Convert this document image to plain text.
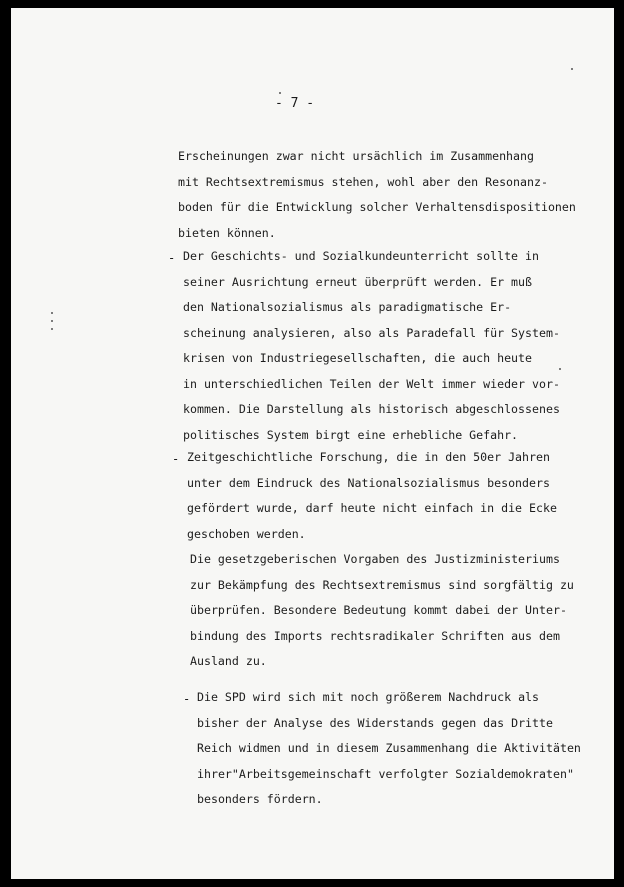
- 7 -
Erscheinungen zwar nicht ursächlich im Zusammenhang
mit Rechtsextremismus stehen, wohl aber den Resonanz-
boden für die Entwicklung solcher Verhaltensdispositionen
bieten können.
- Der Geschichts- und Sozialkundeunterricht sollte in
seiner Ausrichtung erneut überprüft werden. Er muß
den Nationalsozialismus als paradigmatische Er-
scheinung analysieren, also als Paradefall für System-
krisen von Industriegesellschaften, die auch heute
in unterschiedlichen Teilen der Welt immer wieder vor-
kommen. Die Darstellung als historisch abgeschlossenes
politisches System birgt eine erhebliche Gefahr.
- Zeitgeschichtliche Forschung, die in den 50er Jahren
unter dem Eindruck des Nationalsozialismus besonders
gefördert wurde, darf heute nicht einfach in die Ecke
geschoben werden.
Die gesetzgeberischen Vorgaben des Justizministeriums
zur Bekämpfung des Rechtsextremismus sind sorgfältig zu
überprüfen. Besondere Bedeutung kommt dabei der Unter-
bindung des Imports rechtsradikaler Schriften aus dem
Ausland zu.
- Die SPD wird sich mit noch größerem Nachdruck als
bisher der Analyse des Widerstands gegen das Dritte
Reich widmen und in diesem Zusammenhang die Aktivitäten
ihrer"Arbeitsgemeinschaft verfolgter Sozialdemokraten"
besonders fördern.
